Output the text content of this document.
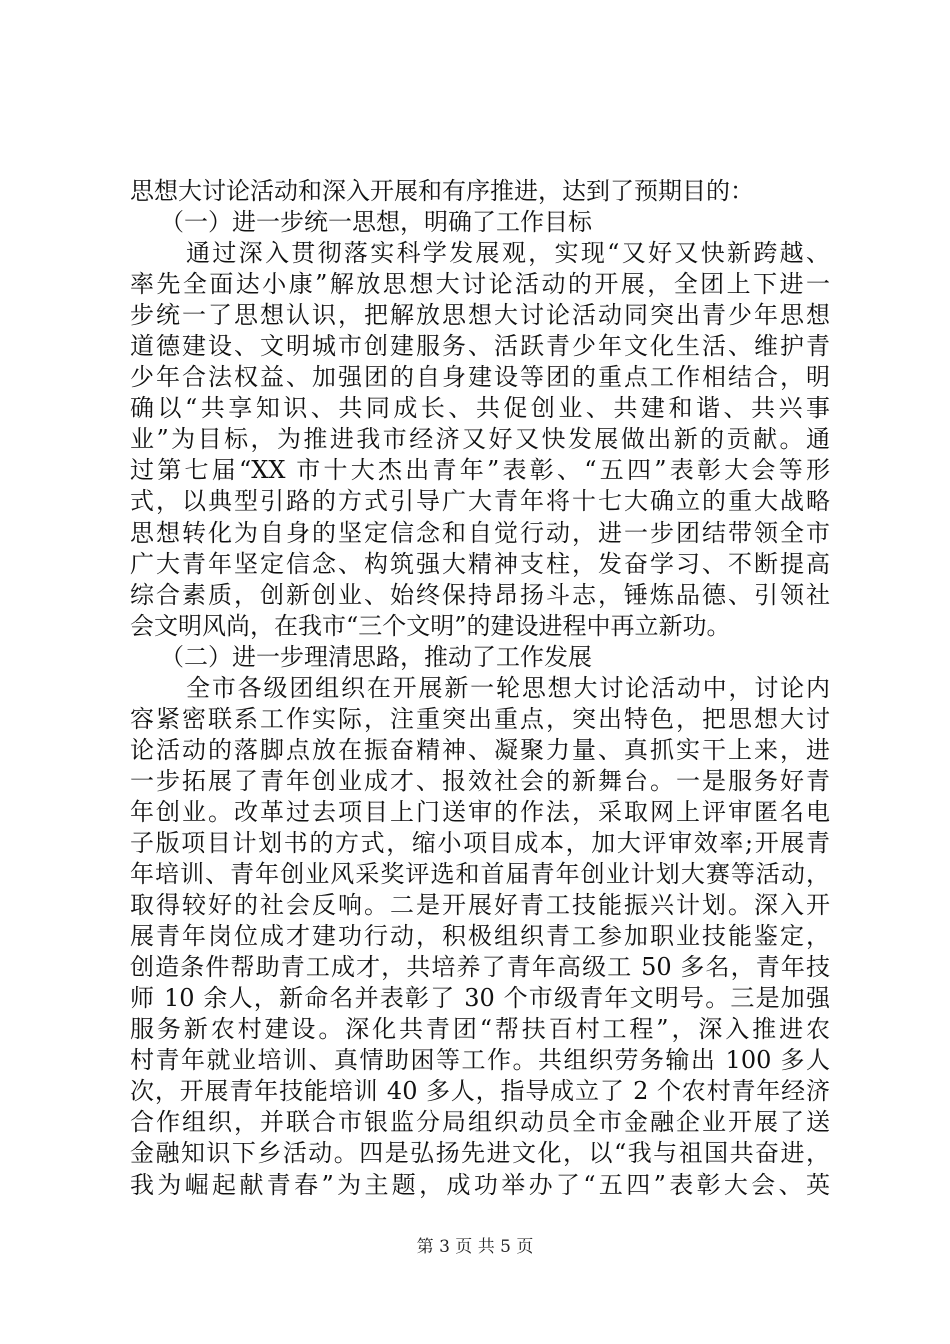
思想大讨论活动和深入开展和有序推进，达到了预期目的：
（一）进一步统一思想，明确了工作目标
通过深入贯彻落实科学发展观，实现“又好又快新跨越、
率先全面达小康”解放思想大讨论活动的开展，全团上下进一
步统一了思想认识，把解放思想大讨论活动同突出青少年思想
道德建设、文明城市创建服务、活跃青少年文化生活、维护青
少年合法权益、加强团的自身建设等团的重点工作相结合，明
确以“共享知识、共同成长、共促创业、共建和谐、共兴事
业”为目标，为推进我市经济又好又快发展做出新的贡献。通
过第七届“XX 市十大杰出青年”表彰、“五四”表彰大会等形
式，以典型引路的方式引导广大青年将十七大确立的重大战略
思想转化为自身的坚定信念和自觉行动，进一步团结带领全市
广大青年坚定信念、构筑强大精神支柱，发奋学习、不断提高
综合素质，创新创业、始终保持昂扬斗志，锤炼品德、引领社
会文明风尚，在我市“三个文明”的建设进程中再立新功。
（二）进一步理清思路，推动了工作发展
全市各级团组织在开展新一轮思想大讨论活动中，讨论内
容紧密联系工作实际，注重突出重点，突出特色，把思想大讨
论活动的落脚点放在振奋精神、凝聚力量、真抓实干上来，进
一步拓展了青年创业成才、报效社会的新舞台。一是服务好青
年创业。改革过去项目上门送审的作法，采取网上评审匿名电
子版项目计划书的方式，缩小项目成本，加大评审效率;开展青
年培训、青年创业风采奖评选和首届青年创业计划大赛等活动，
取得较好的社会反响。二是开展好青工技能振兴计划。深入开
展青年岗位成才建功行动，积极组织青工参加职业技能鉴定，
创造条件帮助青工成才，共培养了青年高级工 50 多名，青年技
师 10 余人，新命名并表彰了 30 个市级青年文明号。三是加强
服务新农村建设。深化共青团“帮扶百村工程”，深入推进农
村青年就业培训、真情助困等工作。共组织劳务输出 100 多人
次，开展青年技能培训 40 多人，指导成立了 2 个农村青年经济
合作组织，并联合市银监分局组织动员全市金融企业开展了送
金融知识下乡活动。四是弘扬先进文化，以“我与祖国共奋进，
我为崛起献青春”为主题，成功举办了“五四”表彰大会、英
第 3 页 共 5 页
